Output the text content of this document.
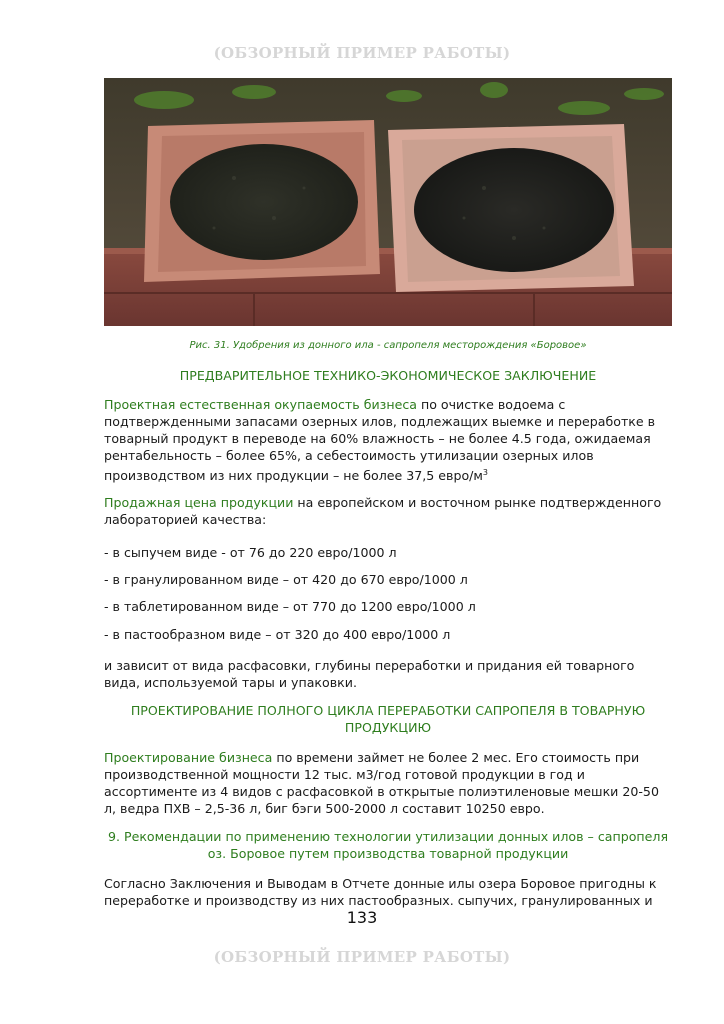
(ОБЗОРНЫЙ ПРИМЕР РАБОТЫ)
Рис. 31. Удобрения из донного ила - сапропеля месторождения «Боровое»
ПРЕДВАРИТЕЛЬНОЕ ТЕХНИКО-ЭКОНОМИЧЕСКОЕ ЗАКЛЮЧЕНИЕ
Проектная естественная окупаемость бизнеса по очистке водоема с подтвержденными запасами озерных илов, подлежащих выемке и переработке в товарный продукт в переводе на 60% влажность – не более 4.5 года, ожидаемая рентабельность – более 65%, а себестоимость утилизации озерных илов производством из них продукции – не более 37,5 евро/$м^3$
Продажная цена продукции на европейском и восточном рынке подтвержденного лабораторией качества:
- в сыпучем виде - от 76 до 220 евро/1000 л
- в гранулированном виде – от 420 до 670 евро/1000 л
- в таблетированном виде – от 770 до 1200 евро/1000 л
- в пастообразном виде – от 320 до 400 евро/1000 л
и зависит от вида расфасовки, глубины переработки и придания ей товарного вида, используемой тары и упаковки.
ПРОЕКТИРОВАНИЕ ПОЛНОГО ЦИКЛА ПЕРЕРАБОТКИ САПРОПЕЛЯ В ТОВАРНУЮ ПРОДУКЦИЮ
Проектирование бизнеса по времени займет не более 2 мес. Его стоимость при производственной мощности 12 тыс. м3/год готовой продукции в год и ассортименте из 4 видов с расфасовкой в открытые полиэтиленовые мешки 20-50 л, ведра ПХВ – 2,5-36 л, биг бэги 500-2000 л составит 10250 евро.
9. Рекомендации по применению технологии утилизации донных илов – сапропеля оз. Боровое путем производства товарной продукции
Согласно Заключения и Выводам в Отчете донные илы озера Боровое пригодны к переработке и производству из них пастообразных. сыпучих, гранулированных и
133
(ОБЗОРНЫЙ ПРИМЕР РАБОТЫ)
